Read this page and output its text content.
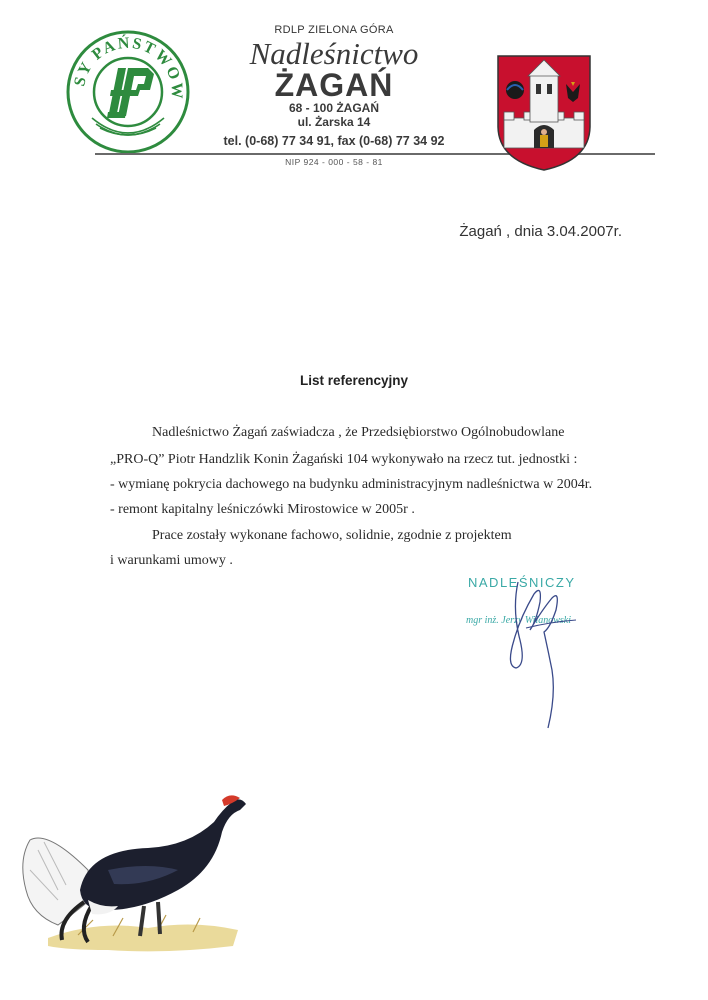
SY PAŃSTWOW
RDLP ZIELONA GÓRA
Nadleśnictwo
ŻAGAŃ
68 - 100 ŻAGAŃ
ul. Żarska 14
tel. (0-68) 77 34 91, fax (0-68) 77 34 92
NIP 924 - 000 - 58 - 81
Żagań , dnia 3.04.2007r.
List referencyjny
Nadleśnictwo Żagań zaświadcza , że Przedsiębiorstwo Ogólnobudowlane
„PRO-Q” Piotr Handzlik Konin Żagański 104 wykonywało na rzecz tut. jednostki :
- wymianę pokrycia dachowego na budynku administracyjnym nadleśnictwa w 2004r.
- remont kapitalny leśniczówki Mirostowice w 2005r .
Prace zostały wykonane fachowo, solidnie, zgodnie z projektem
i warunkami umowy .
NADLEŚNICZY
mgr inż. Jerzy Wilanowski
